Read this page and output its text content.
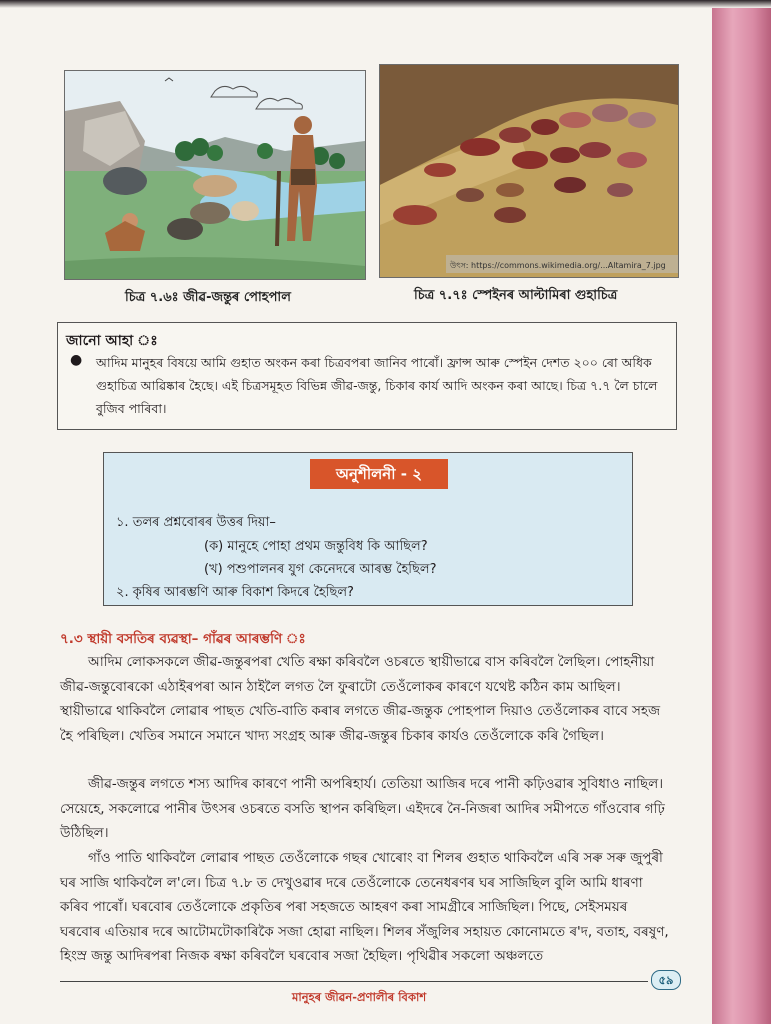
উৎস: https://commons.wikimedia.org/...Altamira_7.jpg
চিত্ৰ ৭.৬ঃ জীৱ-জন্তুৰ পোহপাল	চিত্ৰ ৭.৭ঃ স্পেইনৰ আল্টামিৰা গুহাচিত্ৰ
জানো আহা ঃ
● আদিম মানুহৰ বিষয়ে আমি গুহাত অংকন কৰা চিত্ৰবপৰা জানিব পাৰোঁ। ফ্ৰান্স আৰু স্পেইন দেশত ২০০ ৰো অধিক গুহাচিত্ৰ আৱিষ্কাৰ হৈছে। এই চিত্ৰসমূহত বিভিন্ন জীৱ-জন্তু, চিকাৰ কাৰ্য আদি অংকন কৰা আছে। চিত্ৰ ৭.৭ লৈ চালে বুজিব পাৰিবা।
অনুশীলনী - ২
১. তলৰ প্ৰশ্নবোৰৰ উত্তৰ দিয়া–
(ক) মানুহে পোহা প্ৰথম জন্তুবিধ কি আছিল?
(খ) পশুপালনৰ যুগ কেনেদৰে আৰম্ভ হৈছিল?
২. কৃষিৰ আৰম্ভণি আৰু বিকাশ কিদৰে হৈছিল?
৭.৩ স্থায়ী বসতিৰ ব্যৱস্থা– গাঁৱৰ আৰম্ভণি ঃ
আদিম লোকসকলে জীৱ-জন্তুৰপৰা খেতি ৰক্ষা কৰিবলৈ ওচৰতে স্থায়ীভাৱে বাস কৰিবলৈ লৈছিল। পোহনীয়া জীৱ-জন্তুবোৰকো এঠাইৰপৰা আন ঠাইলৈ লগত লৈ ফুৰাটো তেওঁলোকৰ কাৰণে যথেষ্ট কঠিন কাম আছিল। স্থায়ীভাৱে থাকিবলৈ লোৱাৰ পাছত খেতি-বাতি কৰাৰ লগতে জীৱ-জন্তুক পোহপাল দিয়াও তেওঁলোকৰ বাবে সহজ হৈ পৰিছিল। খেতিৰ সমানে সমানে খাদ্য সংগ্ৰহ আৰু জীৱ-জন্তুৰ চিকাৰ কাৰ্যও তেওঁলোকে কৰি গৈছিল।
জীৱ-জন্তুৰ লগতে শস্য আদিৰ কাৰণে পানী অপৰিহাৰ্য। তেতিয়া আজিৰ দৰে পানী কঢ়িওৱাৰ সুবিধাও নাছিল। সেয়েহে, সকলোৱে পানীৰ উৎসৰ ওচৰতে বসতি স্থাপন কৰিছিল। এইদৰে নৈ-নিজৰা আদিৰ সমীপতে গাঁওবোৰ গঢ়ি উঠিছিল।
গাঁও পাতি থাকিবলৈ লোৱাৰ পাছত তেওঁলোকে গছৰ খোৰোং বা শিলৰ গুহাত থাকিবলৈ এৰি সৰু সৰু জুপুৰী ঘৰ সাজি থাকিবলৈ ল'লে। চিত্ৰ ৭.৮ ত দেখুওৱাৰ দৰে তেওঁলোকে তেনেধৰণৰ ঘৰ সাজিছিল বুলি আমি ধাৰণা কৰিব পাৰোঁ। ঘৰবোৰ তেওঁলোকে প্ৰকৃতিৰ পৰা সহজতে আহৰণ কৰা সামগ্ৰীৰে সাজিছিল। পিছে, সেইসময়ৰ ঘৰবোৰ এতিয়াৰ দৰে আটোমটোকাৰিকৈ সজা হোৱা নাছিল। শিলৰ সঁজুলিৰ সহায়ত কোনোমতে ৰ'দ, বতাহ, বৰষুণ, হিংস্ৰ জন্তু আদিৰপৰা নিজক ৰক্ষা কৰিবলৈ ঘৰবোৰ সজা হৈছিল। পৃথিৱীৰ সকলো অঞ্চলতে
৫৯
মানুহৰ জীৱন-প্ৰণালীৰ বিকাশ
